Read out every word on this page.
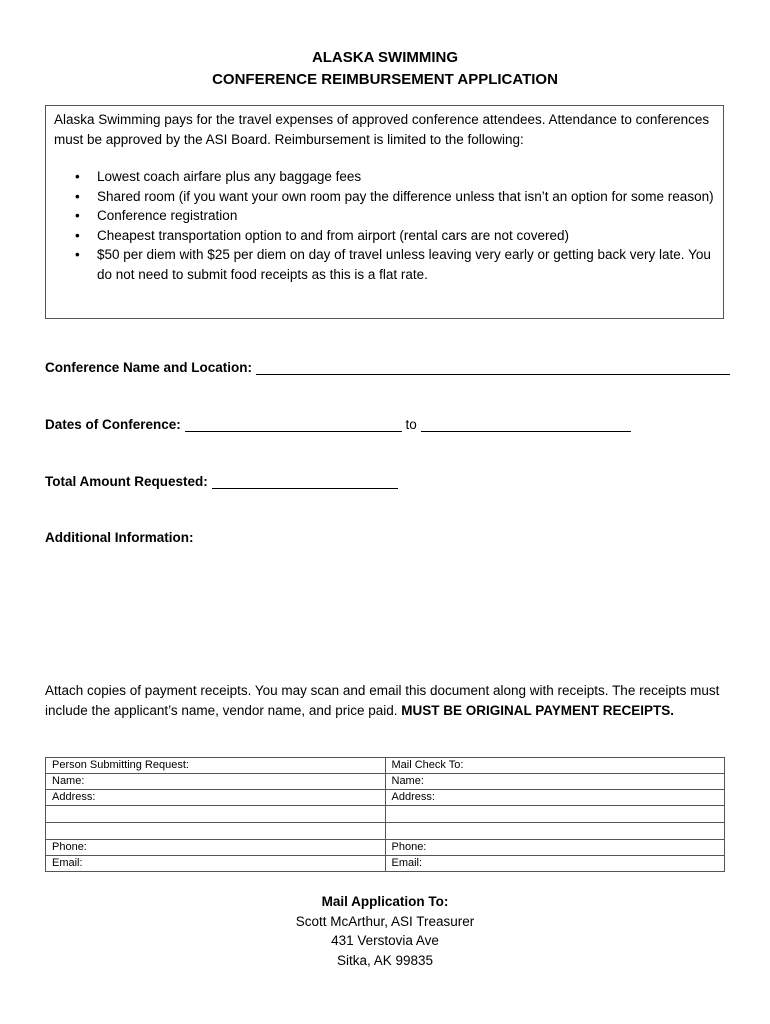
ALASKA SWIMMING
CONFERENCE REIMBURSEMENT APPLICATION

Alaska Swimming pays for the travel expenses of approved conference attendees. Attendance to conferences must be approved by the ASI Board. Reimbursement is limited to the following:

• Lowest coach airfare plus any baggage fees
• Shared room (if you want your own room pay the difference unless that isn’t an option for some reason)
• Conference registration
• Cheapest transportation option to and from airport (rental cars are not covered)
• $50 per diem with $25 per diem on day of travel unless leaving very early or getting back very late. You do not need to submit food receipts as this is a flat rate.
Conference Name and Location:
Dates of Conference:	to
Total Amount Requested:
Additional Information:
Attach copies of payment receipts. You may scan and email this document along with receipts. The receipts must include the applicant’s name, vendor name, and price paid. MUST BE ORIGINAL PAYMENT RECEIPTS.
Person Submitting Request:	Mail Check To:
Name:	Name:
Address:	Address:

Phone:	Phone:
Email:	Email:
Mail Application To:
Scott McArthur, ASI Treasurer
431 Verstovia Ave
Sitka, AK 99835
